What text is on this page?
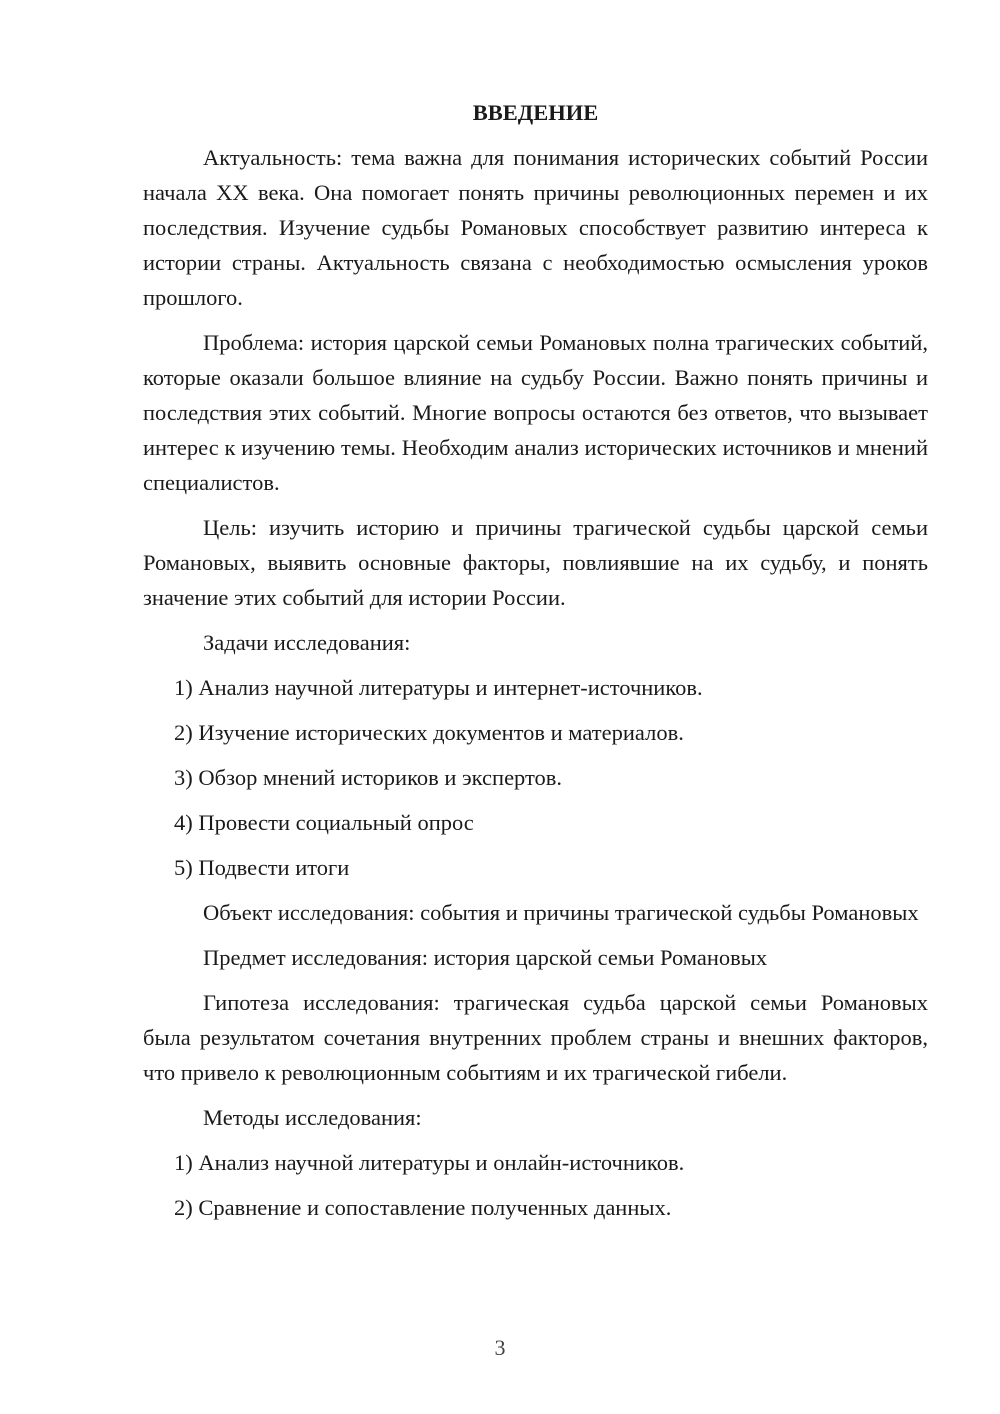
ВВЕДЕНИЕ

Актуальность: тема важна для понимания исторических событий России начала XX века. Она помогает понять причины революционных перемен и их последствия. Изучение судьбы Романовых способствует развитию интереса к истории страны. Актуальность связана с необходимостью осмысления уроков прошлого.

Проблема: история царской семьи Романовых полна трагических событий, которые оказали большое влияние на судьбу России. Важно понять причины и последствия этих событий. Многие вопросы остаются без ответов, что вызывает интерес к изучению темы. Необходим анализ исторических источников и мнений специалистов.

Цель: изучить историю и причины трагической судьбы царской семьи Романовых, выявить основные факторы, повлиявшие на их судьбу, и понять значение этих событий для истории России.

Задачи исследования:

1) Анализ научной литературы и интернет-источников.

2) Изучение исторических документов и материалов.

3) Обзор мнений историков и экспертов.

4) Провести социальный опрос

5) Подвести итоги

Объект исследования: события и причины трагической судьбы Романовых

Предмет исследования: история царской семьи Романовых

Гипотеза исследования: трагическая судьба царской семьи Романовых была результатом сочетания внутренних проблем страны и внешних факторов, что привело к революционным событиям и их трагической гибели.

Методы исследования:

1) Анализ научной литературы и онлайн-источников.

2) Сравнение и сопоставление полученных данных.

3
